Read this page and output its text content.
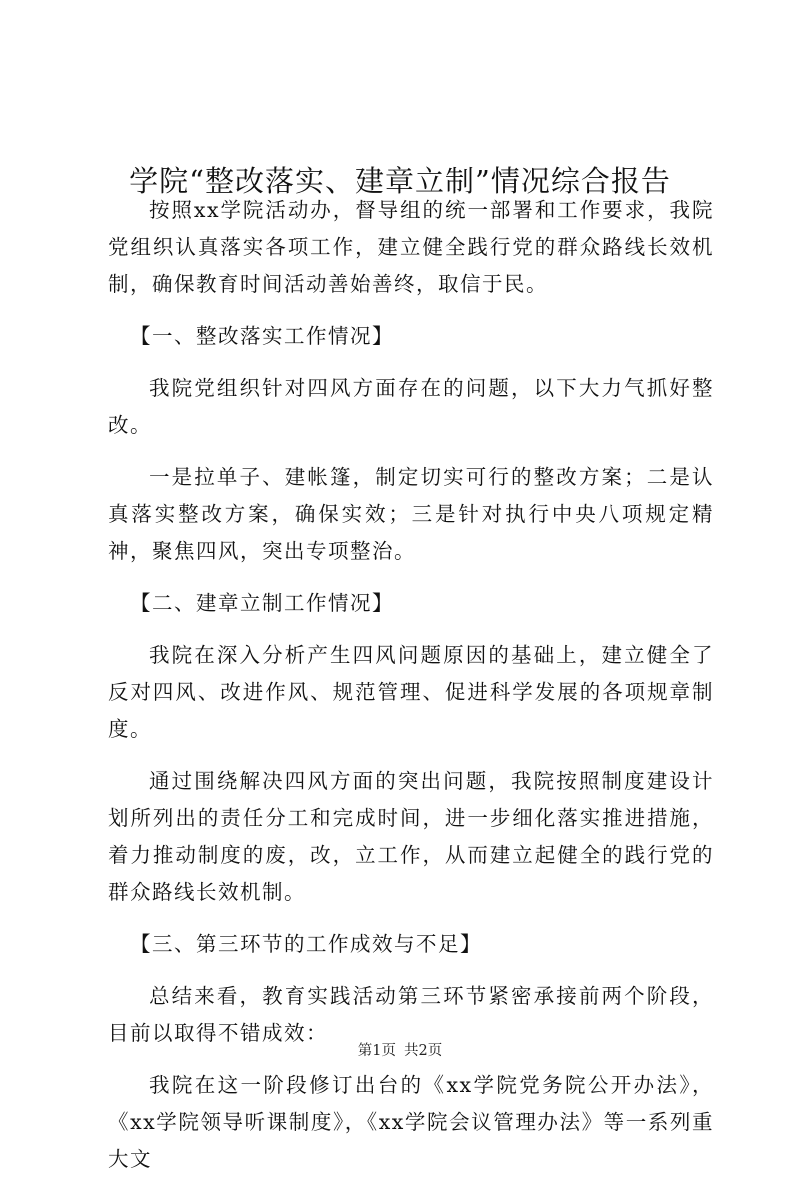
学院“整改落实、建章立制”情况综合报告

按照xx学院活动办，督导组的统一部署和工作要求，我院党组织认真落实各项工作，建立健全践行党的群众路线长效机制，确保教育时间活动善始善终，取信于民。

【一、整改落实工作情况】

我院党组织针对四风方面存在的问题，以下大力气抓好整改。

一是拉单子、建帐篷，制定切实可行的整改方案；二是认真落实整改方案，确保实效；三是针对执行中央八项规定精神，聚焦四风，突出专项整治。

【二、建章立制工作情况】

我院在深入分析产生四风问题原因的基础上，建立健全了反对四风、改进作风、规范管理、促进科学发展的各项规章制度。

通过围绕解决四风方面的突出问题，我院按照制度建设计划所列出的责任分工和完成时间，进一步细化落实推进措施，着力推动制度的废，改，立工作，从而建立起健全的践行党的群众路线长效机制。

【三、第三环节的工作成效与不足】

总结来看，教育实践活动第三环节紧密承接前两个阶段，目前以取得不错成效：

我院在这一阶段修订出台的《xx学院党务院公开办法》，《xx学院领导听课制度》，《xx学院会议管理办法》等一系列重大文

第1页 共2页
